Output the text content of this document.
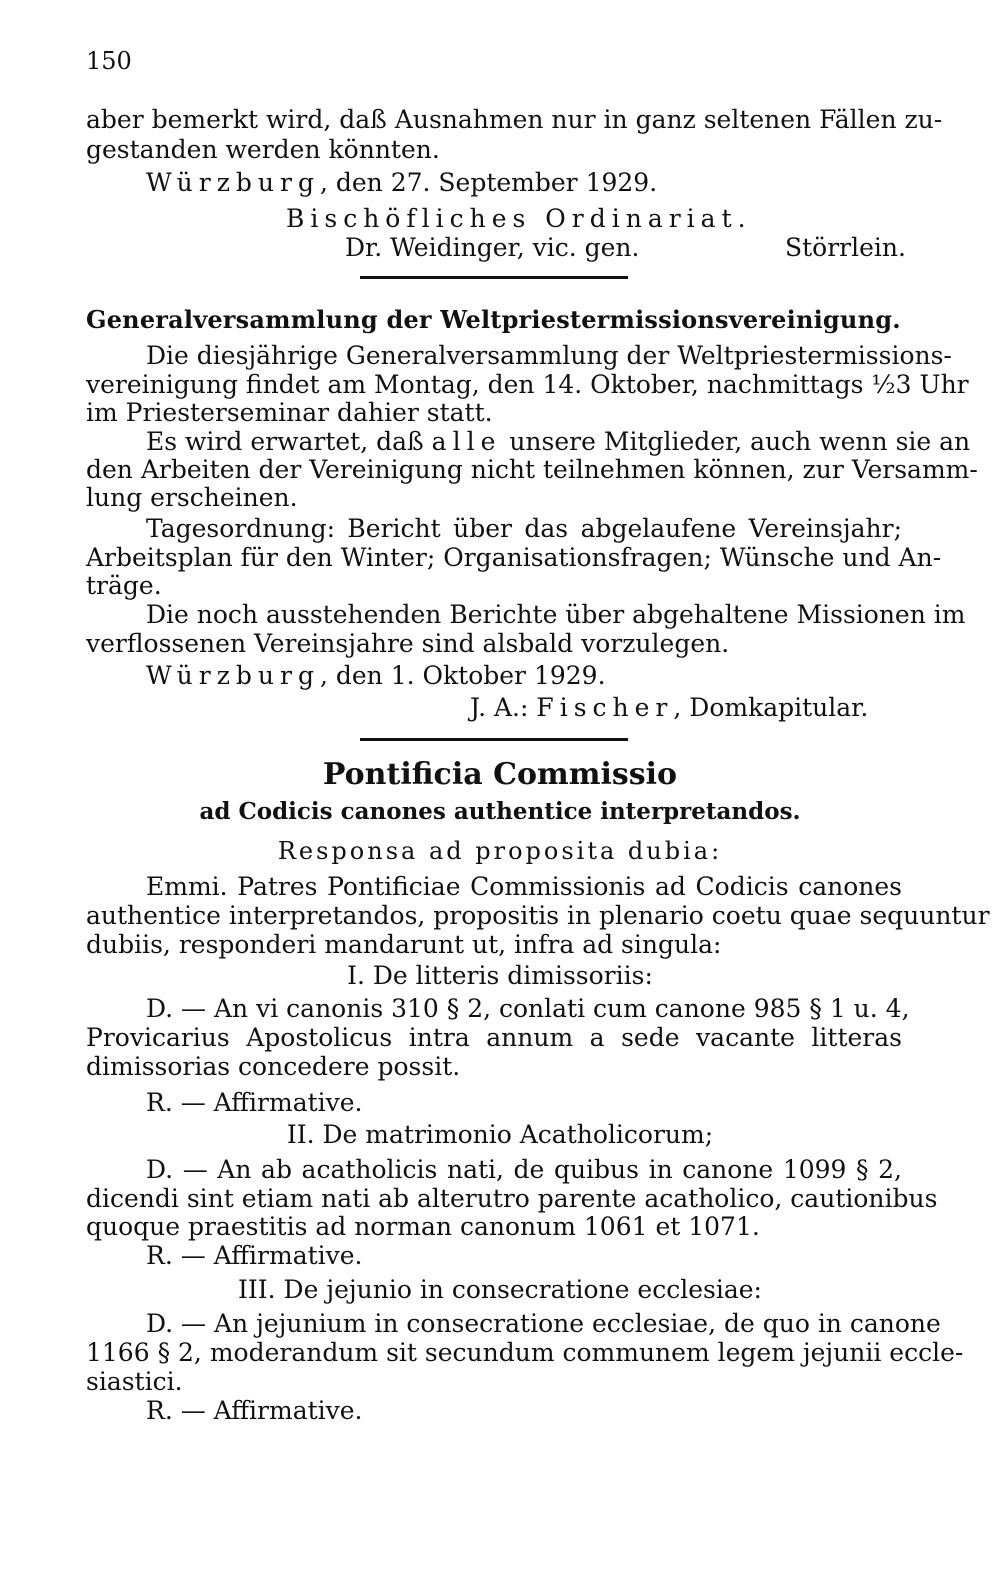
150
aber bemerkt wird, daß Ausnahmen nur in ganz seltenen Fällen zu-
gestanden werden könnten.
Würzburg, den 27. September 1929.
Bischöfliches Ordinariat.
Dr. Weidinger, vic. gen.	Störrlein.
Generalversammlung der Weltpriestermissionsvereinigung.
Die diesjährige Generalversammlung der Weltpriestermissions-
vereinigung findet am Montag, den 14. Oktober, nachmittags ½3 Uhr
im Priesterseminar dahier statt.
Es wird erwartet, daß alle unsere Mitglieder, auch wenn sie an
den Arbeiten der Vereinigung nicht teilnehmen können, zur Versamm-
lung erscheinen.
Tagesordnung: Bericht über das abgelaufene Vereinsjahr;
Arbeitsplan für den Winter; Organisationsfragen; Wünsche und An-
träge.
Die noch ausstehenden Berichte über abgehaltene Missionen im
verflossenen Vereinsjahre sind alsbald vorzulegen.
Würzburg, den 1. Oktober 1929.
J. A.: Fischer, Domkapitular.
Pontificia Commissio
ad Codicis canones authentice interpretandos.
Responsa ad proposita dubia:
Emmi. Patres Pontificiae Commissionis ad Codicis canones
authentice interpretandos, propositis in plenario coetu quae sequuntur
dubiis, responderi mandarunt ut, infra ad singula:
I. De litteris dimissoriis:
D. — An vi canonis 310 § 2, conlati cum canone 985 § 1 u. 4,
Provicarius Apostolicus intra annum a sede vacante litteras
dimissorias concedere possit.
R. — Affirmative.
II. De matrimonio Acatholicorum;
D. — An ab acatholicis nati, de quibus in canone 1099 § 2,
dicendi sint etiam nati ab alterutro parente acatholico, cautionibus
quoque praestitis ad norman canonum 1061 et 1071.
R. — Affirmative.
III. De jejunio in consecratione ecclesiae:
D. — An jejunium in consecratione ecclesiae, de quo in canone
1166 § 2, moderandum sit secundum communem legem jejunii eccle-
siastici.
R. — Affirmative.
